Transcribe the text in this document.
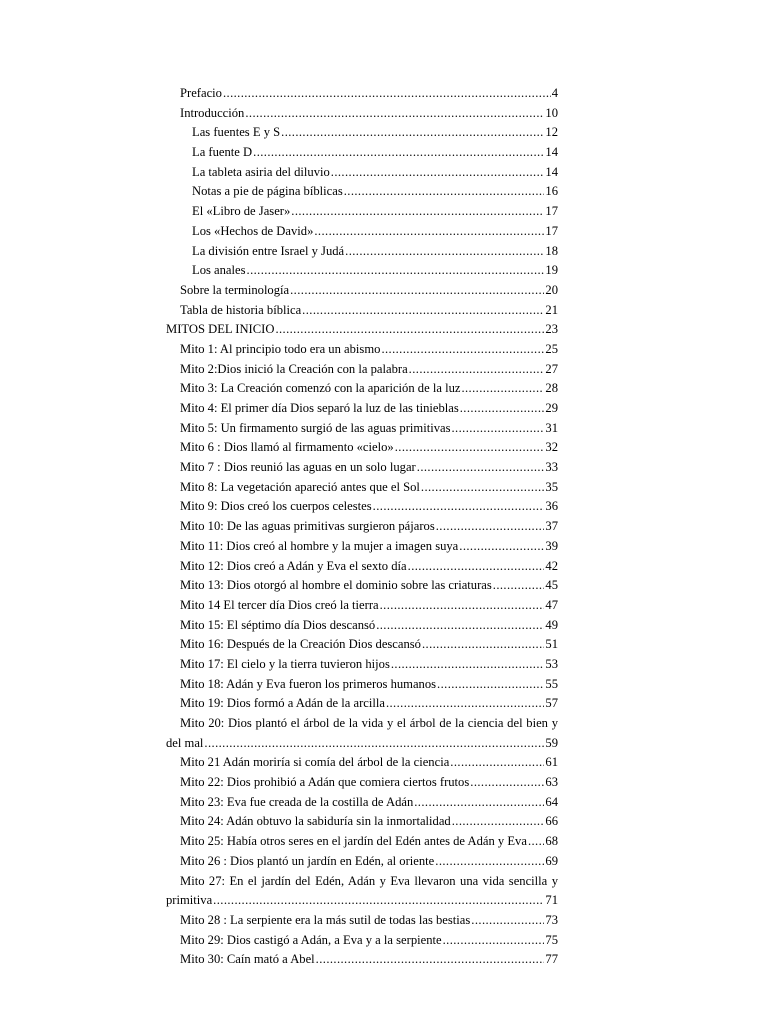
Prefacio .....	4
Introducción .....	10
Las fuentes E y S .....	12
La fuente D .....	14
La tableta asiria del diluvio .....	14
Notas a pie de página bíblicas .....	16
El «Libro de Jaser» .....	17
Los «Hechos de David» .....	17
La división entre Israel y Judá .....	18
Los anales .....	19
Sobre la terminología .....	20
Tabla de historia bíblica .....	21
MITOS DEL INICIO .....	23
Mito 1: Al principio todo era un abismo .....	25
Mito 2:Dios inició la Creación con la palabra .....	27
Mito 3: La Creación comenzó con la aparición de la luz .....	28
Mito 4: El primer día Dios separó la luz de las tinieblas .....	29
Mito 5: Un firmamento surgió de las aguas primitivas .....	31
Mito 6 : Dios llamó al firmamento «cielo» .....	32
Mito 7 : Dios reunió las aguas en un solo lugar .....	33
Mito 8: La vegetación apareció antes que el Sol .....	35
Mito 9: Dios creó los cuerpos celestes .....	36
Mito 10: De las aguas primitivas surgieron pájaros .....	37
Mito 11: Dios creó al hombre y la mujer a imagen suya .....	39
Mito 12: Dios creó a Adán y Eva el sexto día .....	42
Mito 13: Dios otorgó al hombre el dominio sobre las criaturas .....	45
Mito 14 El tercer día Dios creó la tierra .....	47
Mito 15: El séptimo día Dios descansó .....	49
Mito 16: Después de la Creación Dios descansó .....	51
Mito 17: El cielo y la tierra tuvieron hijos .....	53
Mito 18: Adán y Eva fueron los primeros humanos .....	55
Mito 19: Dios formó a Adán de la arcilla .....	57
Mito 20: Dios plantó el árbol de la vida y el árbol de la ciencia del bien y
del mal .....	59
Mito 21 Adán moriría si comía del árbol de la ciencia .....	61
Mito 22: Dios prohibió a Adán que comiera ciertos frutos .....	63
Mito 23: Eva fue creada de la costilla de Adán .....	64
Mito 24: Adán obtuvo la sabiduría sin la inmortalidad .....	66
Mito 25: Había otros seres en el jardín del Edén antes de Adán y Eva ..... 68
Mito 26 : Dios plantó un jardín en Edén, al oriente .....	69
Mito 27: En el jardín del Edén, Adán y Eva llevaron una vida sencilla y
primitiva .....	71
Mito 28 : La serpiente era la más sutil de todas las bestias .....	73
Mito 29: Dios castigó a Adán, a Eva y a la serpiente .....	75
Mito 30: Caín mató a Abel .....	77
